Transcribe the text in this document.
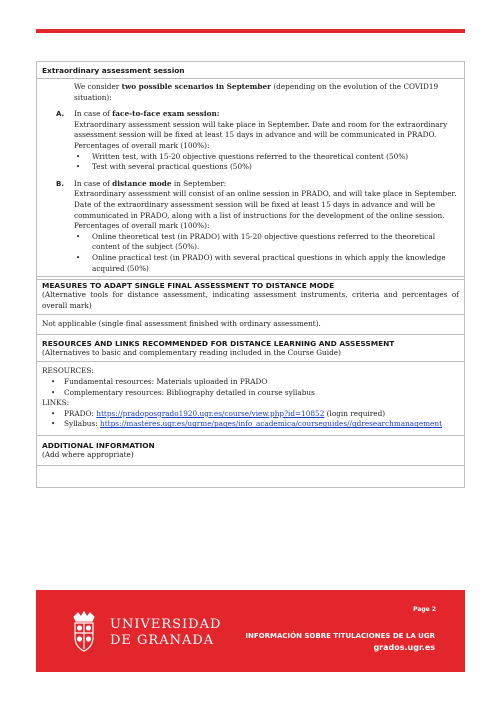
Extraordinary assessment session

We consider two possible scenarios in September (depending on the evolution of the COVID19 situation):

A. In case of face-to-face exam session:
Extraordinary assessment session will take place in September. Date and room for the extraordinary assessment session will be fixed at least 15 days in advance and will be communicated in PRADO.
Percentages of overall mark (100%):
• Written test, with 15-20 objective questions referred to the theoretical content (50%)
• Test with several practical questions (50%)
B. In case of distance mode in September:
Extraordinary assessment will consist of an online session in PRADO, and will take place in September. Date of the extraordinary assessment session will be fixed at least 15 days in advance and will be communicated in PRADO, along with a list of instructions for the development of the online session.
Percentages of overall mark (100%):
• Online theoretical test (in PRADO) with 15-20 objective questions referred to the theoretical content of the subject (50%).
• Online practical test (in PRADO) with several practical questions in which apply the knowledge acquired (50%)
MEASURES TO ADAPT SINGLE FINAL ASSESSMENT TO DISTANCE MODE
(Alternative tools for distance assessment, indicating assessment instruments, criteria and percentages of overall mark)
Not applicable (single final assessment finished with ordinary assessment).
RESOURCES AND LINKS RECOMMENDED FOR DISTANCE LEARNING AND ASSESSMENT
(Alternatives to basic and complementary reading included in the Course Guide)
RESOURCES:
• Fundamental resources: Materials uploaded in PRADO
• Complementary resources: Bibliography detailed in course syllabus
LINKS:
• PRADO: https://pradoposgrado1920.ugr.es/course/view.php?id=10852 (login required)
• Syllabus: https://masteres.ugr.es/ugrme/pages/info_academica/courseguides//gdresearchmanagement
ADDITIONAL INFORMATION
(Add where appropriate)
UNIVERSIDAD
DE GRANADA
Page 2
INFORMACIÓN SOBRE TITULACIONES DE LA UGR
grados.ugr.es
